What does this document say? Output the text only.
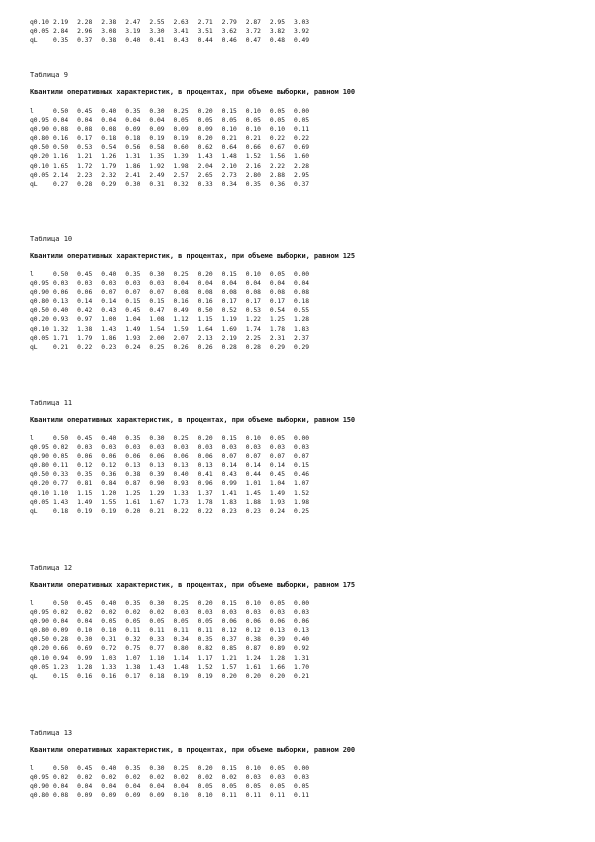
q0.10	2.19	2.28	2.38	2.47	2.55	2.63	2.71	2.79	2.87	2.95	3.03
q0.05	2.84	2.96	3.08	3.19	3.30	3.41	3.51	3.62	3.72	3.82	3.92
qL	0.35	0.37	0.38	0.40	0.41	0.43	0.44	0.46	0.47	0.48	0.49
Таблица 9
Квантили оперативных характеристик, в процентах, при объеме выборки, равном 100
l	0.50	0.45	0.40	0.35	0.30	0.25	0.20	0.15	0.10	0.05	0.00
q0.95	0.04	0.04	0.04	0.04	0.04	0.05	0.05	0.05	0.05	0.05	0.05
q0.90	0.08	0.08	0.08	0.09	0.09	0.09	0.09	0.10	0.10	0.10	0.11
q0.80	0.16	0.17	0.18	0.18	0.19	0.19	0.20	0.21	0.21	0.22	0.22
q0.50	0.50	0.53	0.54	0.56	0.58	0.60	0.62	0.64	0.66	0.67	0.69
q0.20	1.16	1.21	1.26	1.31	1.35	1.39	1.43	1.48	1.52	1.56	1.60
q0.10	1.65	1.72	1.79	1.86	1.92	1.98	2.04	2.10	2.16	2.22	2.28
q0.05	2.14	2.23	2.32	2.41	2.49	2.57	2.65	2.73	2.80	2.88	2.95
qL	0.27	0.28	0.29	0.30	0.31	0.32	0.33	0.34	0.35	0.36	0.37
Таблица 10
Квантили оперативных характеристик, в процентах, при объеме выборки, равном 125
l	0.50	0.45	0.40	0.35	0.30	0.25	0.20	0.15	0.10	0.05	0.00
q0.95	0.03	0.03	0.03	0.03	0.03	0.04	0.04	0.04	0.04	0.04	0.04
q0.90	0.06	0.06	0.07	0.07	0.07	0.08	0.08	0.08	0.08	0.08	0.08
q0.80	0.13	0.14	0.14	0.15	0.15	0.16	0.16	0.17	0.17	0.17	0.18
q0.50	0.40	0.42	0.43	0.45	0.47	0.49	0.50	0.52	0.53	0.54	0.55
q0.20	0.93	0.97	1.00	1.04	1.08	1.12	1.15	1.19	1.22	1.25	1.28
q0.10	1.32	1.38	1.43	1.49	1.54	1.59	1.64	1.69	1.74	1.78	1.83
q0.05	1.71	1.79	1.86	1.93	2.00	2.07	2.13	2.19	2.25	2.31	2.37
qL	0.21	0.22	0.23	0.24	0.25	0.26	0.26	0.28	0.28	0.29	0.29
Таблица 11
Квантили оперативных характеристик, в процентах, при объеме выборки, равном 150
l	0.50	0.45	0.40	0.35	0.30	0.25	0.20	0.15	0.10	0.05	0.00
q0.95	0.02	0.03	0.03	0.03	0.03	0.03	0.03	0.03	0.03	0.03	0.03
q0.90	0.05	0.06	0.06	0.06	0.06	0.06	0.06	0.07	0.07	0.07	0.07
q0.80	0.11	0.12	0.12	0.13	0.13	0.13	0.13	0.14	0.14	0.14	0.15
q0.50	0.33	0.35	0.36	0.38	0.39	0.40	0.41	0.43	0.44	0.45	0.46
q0.20	0.77	0.81	0.84	0.87	0.90	0.93	0.96	0.99	1.01	1.04	1.07
q0.10	1.10	1.15	1.20	1.25	1.29	1.33	1.37	1.41	1.45	1.49	1.52
q0.05	1.43	1.49	1.55	1.61	1.67	1.73	1.78	1.83	1.88	1.93	1.98
qL	0.18	0.19	0.19	0.20	0.21	0.22	0.22	0.23	0.23	0.24	0.25
Таблица 12
Квантили оперативных характеристик, в процентах, при объеме выборки, равном 175
l	0.50	0.45	0.40	0.35	0.30	0.25	0.20	0.15	0.10	0.05	0.00
q0.95	0.02	0.02	0.02	0.02	0.02	0.03	0.03	0.03	0.03	0.03	0.03
q0.90	0.04	0.04	0.05	0.05	0.05	0.05	0.05	0.06	0.06	0.06	0.06
q0.80	0.09	0.10	0.10	0.11	0.11	0.11	0.11	0.12	0.12	0.13	0.13
q0.50	0.28	0.30	0.31	0.32	0.33	0.34	0.35	0.37	0.38	0.39	0.40
q0.20	0.66	0.69	0.72	0.75	0.77	0.80	0.82	0.85	0.87	0.89	0.92
q0.10	0.94	0.99	1.03	1.07	1.10	1.14	1.17	1.21	1.24	1.28	1.31
q0.05	1.23	1.28	1.33	1.38	1.43	1.48	1.52	1.57	1.61	1.66	1.70
qL	0.15	0.16	0.16	0.17	0.18	0.19	0.19	0.20	0.20	0.20	0.21
Таблица 13
Квантили оперативных характеристик, в процентах, при объеме выборки, равном 200
l	0.50	0.45	0.40	0.35	0.30	0.25	0.20	0.15	0.10	0.05	0.00
q0.95	0.02	0.02	0.02	0.02	0.02	0.02	0.02	0.02	0.03	0.03	0.03
q0.90	0.04	0.04	0.04	0.04	0.04	0.04	0.05	0.05	0.05	0.05	0.05
q0.80	0.08	0.09	0.09	0.09	0.09	0.10	0.10	0.11	0.11	0.11	0.11
